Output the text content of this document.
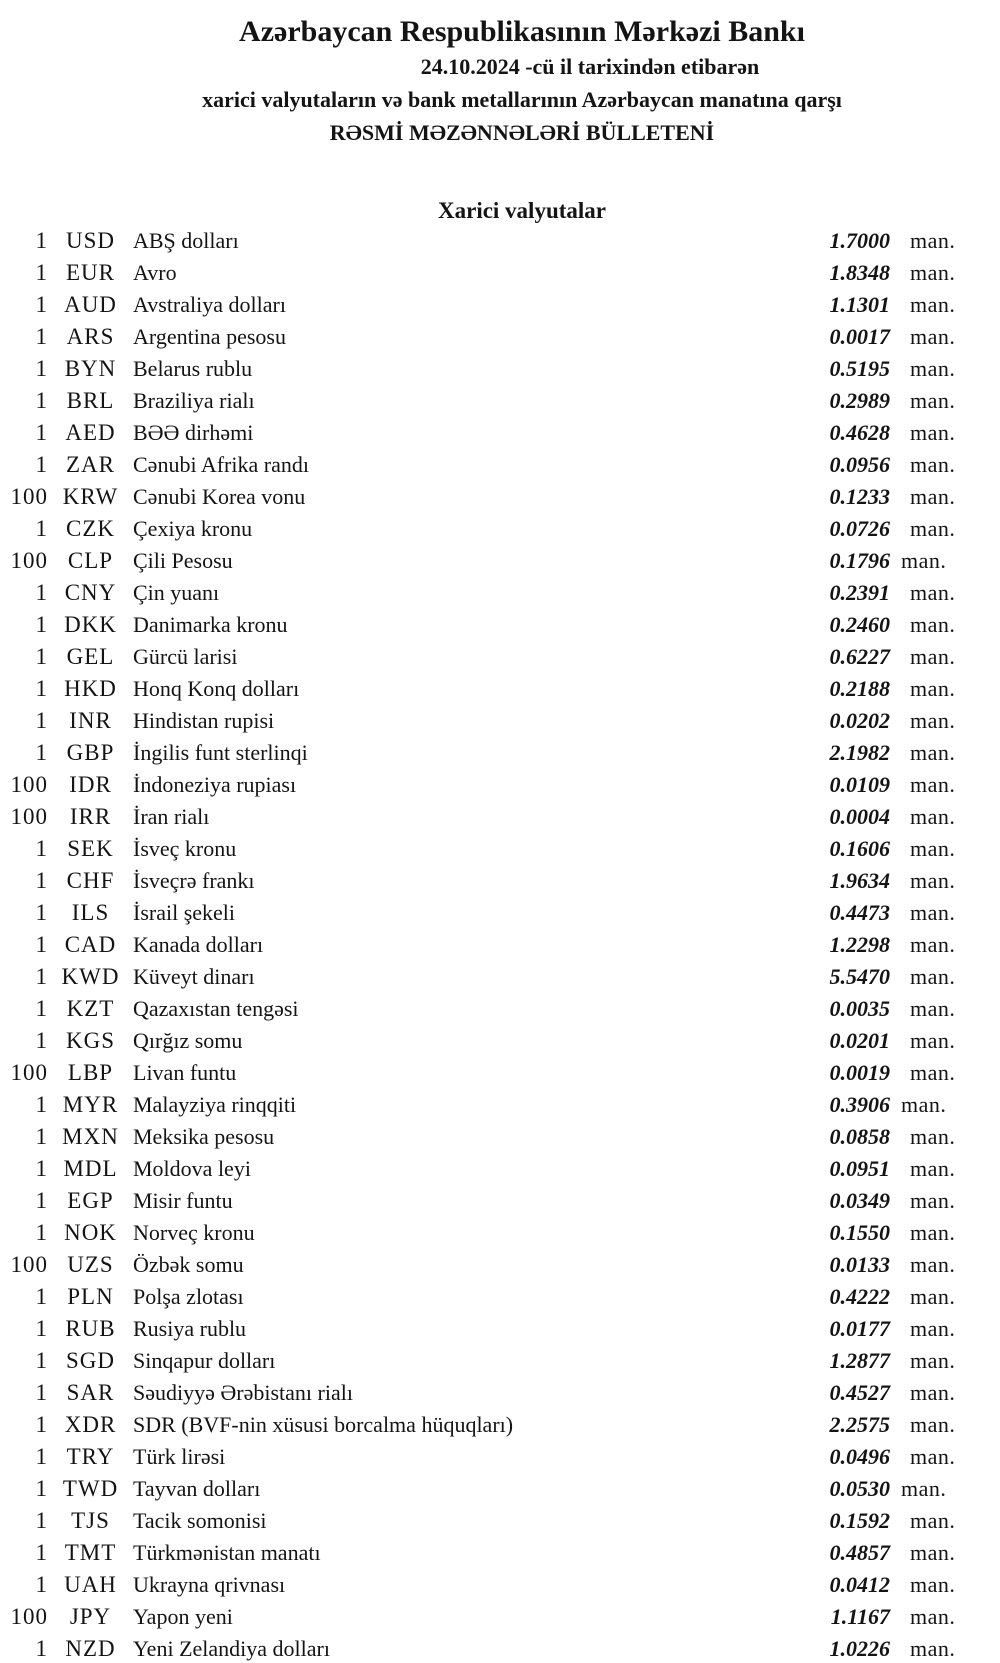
Azərbaycan Respublikasının Mərkəzi Bankı
24.10.2024 -cü il tarixindən etibarən
xarici valyutaların və bank metallarının Azərbaycan manatına qarşı
RƏSMİ MƏZƏNNƏLƏRİ BÜLLETENİ
Xarici valyutalar
1 USD ABŞ dolları	1.7000 man.
1 EUR Avro	1.8348 man.
1 AUD Avstraliya dolları	1.1301 man.
1 ARS Argentina pesosu	0.0017 man.
1 BYN Belarus rublu	0.5195 man.
1 BRL Braziliya rialı	0.2989 man.
1 AED BƏƏ dirhəmi	0.4628 man.
1 ZAR Cənubi Afrika randı	0.0956 man.
100 KRW Cənubi Korea vonu	0.1233 man.
1 CZK Çexiya kronu	0.0726 man.
100 CLP Çili Pesosu	0.1796 man.
1 CNY Çin yuanı	0.2391 man.
1 DKK Danimarka kronu	0.2460 man.
1 GEL Gürcü larisi	0.6227 man.
1 HKD Honq Konq dolları	0.2188 man.
1 INR Hindistan rupisi	0.0202 man.
1 GBP İngilis funt sterlinqi	2.1982 man.
100 IDR İndoneziya rupiası	0.0109 man.
100 IRR İran rialı	0.0004 man.
1 SEK İsveç kronu	0.1606 man.
1 CHF İsveçrə frankı	1.9634 man.
1	ILS	İsrail şekeli	0.4473 man.
1 CAD Kanada dolları	1.2298 man.
1 KWD Küveyt dinarı	5.5470 man.
1 KZT Qazaxıstan tengəsi	0.0035 man.
1 KGS Qırğız somu	0.0201 man.
100 LBP Livan funtu	0.0019 man.
1 MYR Malayziya rinqqiti	0.3906 man.
1 MXN Meksika pesosu	0.0858 man.
1 MDL Moldova leyi	0.0951 man.
1 EGP Misir funtu	0.0349 man.
1 NOK Norveç kronu	0.1550 man.
100 UZS Özbək somu	0.0133 man.
1 PLN Polşa zlotası	0.4222 man.
1 RUB Rusiya rublu	0.0177 man.
1 SGD Sinqapur dolları	1.2877 man.
1 SAR Səudiyyə Ərəbistanı rialı	0.4527 man.
1 XDR SDR (BVF-nin xüsusi borcalma hüquqları)	2.2575 man.
1 TRY Türk lirəsi	0.0496 man.
1 TWD Tayvan dolları	0.0530 man.
1	TJS	Tacik somonisi	0.1592 man.
1 TMT Türkmənistan manatı	0.4857 man.
1 UAH Ukrayna qrivnası	0.0412 man.
100 JPY Yapon yeni	1.1167 man.
1 NZD Yeni Zelandiya dolları	1.0226 man.
